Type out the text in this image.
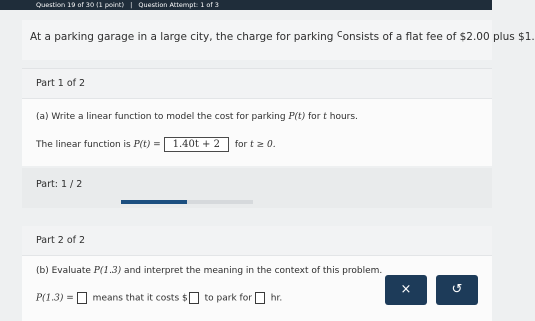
Question 19 of 30 (1 point) | Question Attempt: 1 of 3
At a parking garage in a large city, the charge for parking consists of a flat fee of $2.00 plus $1.
Part 1 of 2
(a) Write a linear function to model the cost for parking P(t) for t hours.
The linear function is P(t) = 1.40t + 2 for t ≥ 0.
Part: 1 / 2
Part 2 of 2
(b) Evaluate P(1.3) and interpret the meaning in the context of this problem.
P(1.3) = means that it costs $ to park for hr.
×	↺
